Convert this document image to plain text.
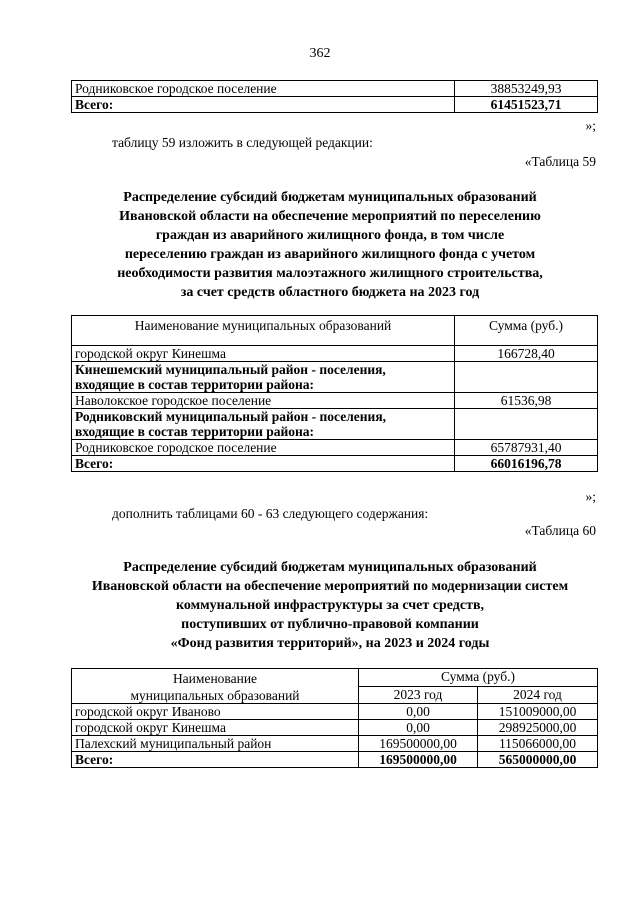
362
Родниковское городское поселение	38853249,93
Всего:	61451523,71
»;
таблицу 59 изложить в следующей редакции:
«Таблица 59
Распределение субсидий бюджетам муниципальных образований
Ивановской области на обеспечение мероприятий по переселению
граждан из аварийного жилищного фонда, в том числе
переселению граждан из аварийного жилищного фонда с учетом
необходимости развития малоэтажного жилищного строительства,
за счет средств областного бюджета на 2023 год
Наименование муниципальных образований	Сумма (руб.)
городской округ Кинешма	166728,40

Кинешемский муниципальный район - поселения,
входящие в состав территории района:	

Наволокское городское поселение	61536,98

Родниковский муниципальный район - поселения,
входящие в состав территории района:	

Родниковское городское поселение	65787931,40
Всего:	66016196,78
»;
дополнить таблицами 60 - 63 следующего содержания:
«Таблица 60
Распределение субсидий бюджетам муниципальных образований
Ивановской области на обеспечение мероприятий по модернизации систем
коммунальной инфраструктуры за счет средств,
поступивших от публично-правовой компании
«Фонд развития территорий», на 2023 и 2024 годы
Наименование
муниципальных образований	Сумма (руб.)	
	2023 год	2024 год
городской округ Иваново	0,00	151009000,00
городской округ Кинешма	0,00	298925000,00
Палехский муниципальный район	169500000,00	115066000,00
Всего:	169500000,00	565000000,00
